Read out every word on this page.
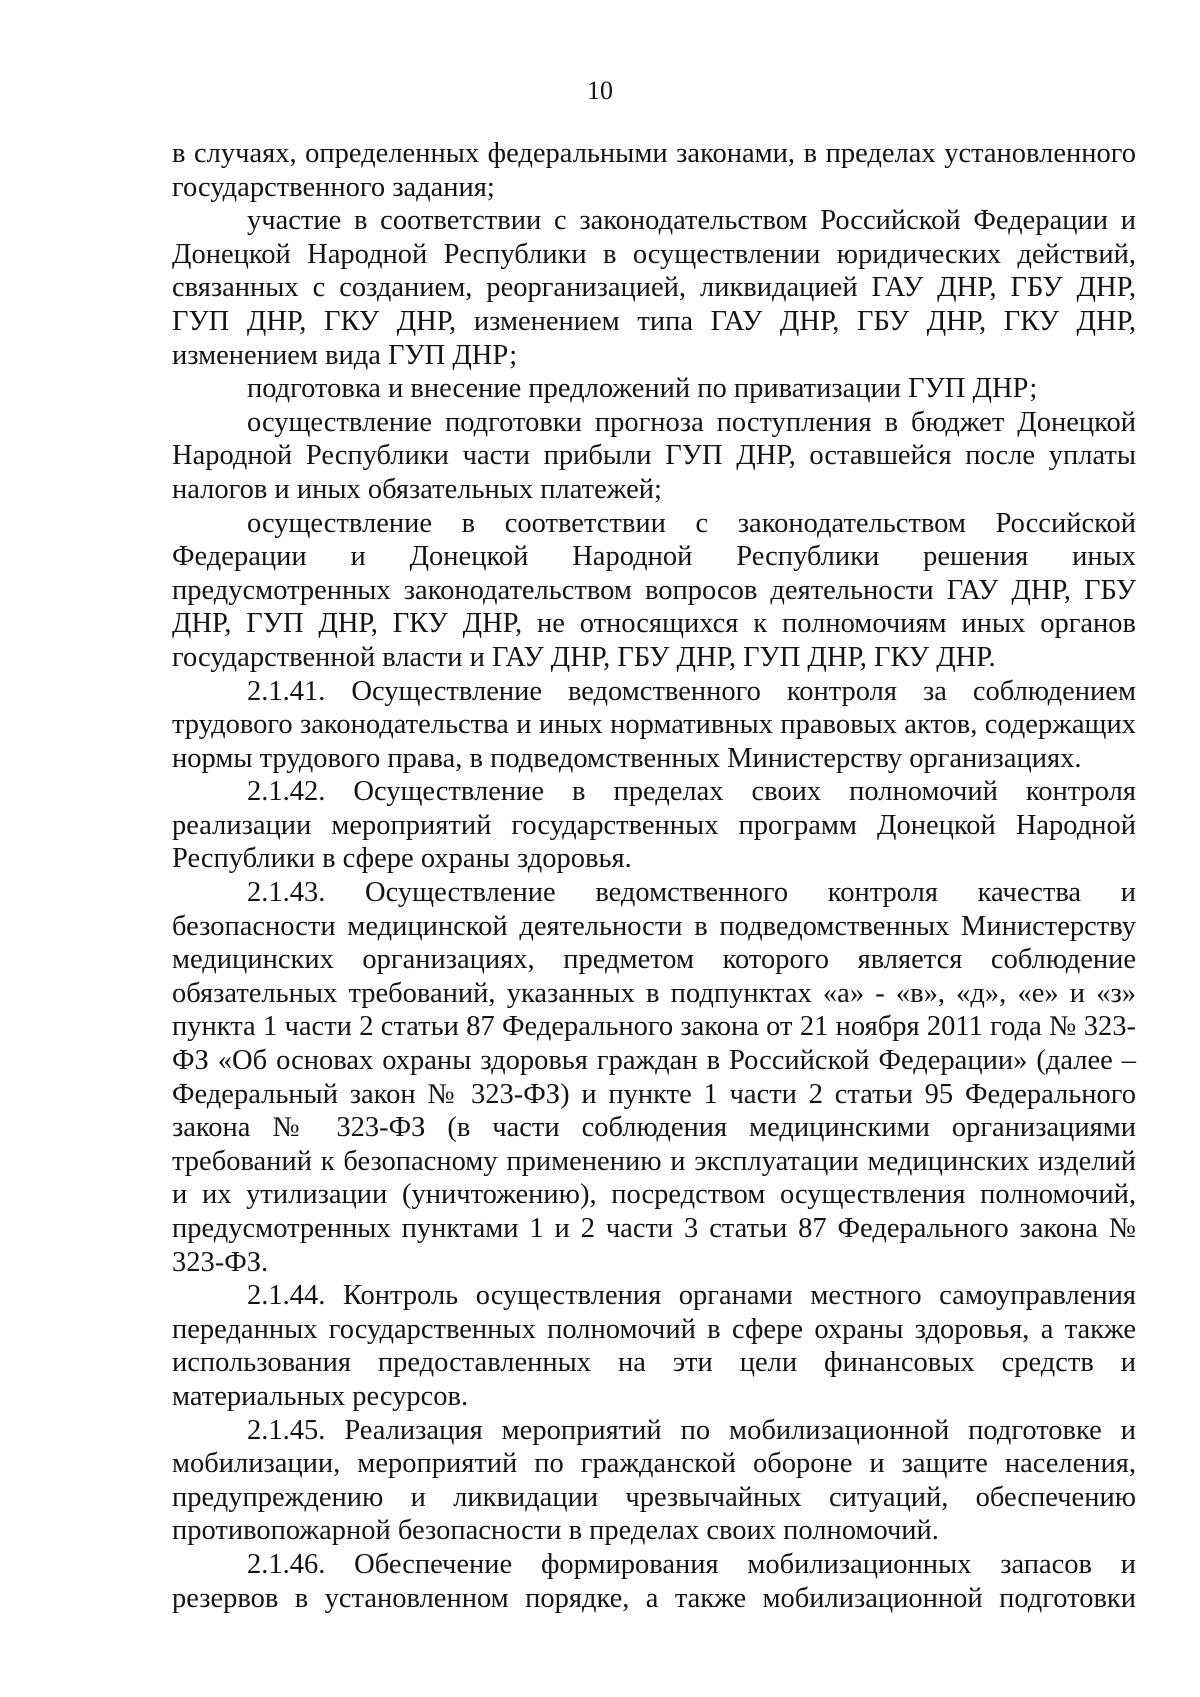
10

в случаях, определенных федеральными законами, в пределах установленного государственного задания;

участие в соответствии с законодательством Российской Федерации и Донецкой Народной Республики в осуществлении юридических действий, связанных с созданием, реорганизацией, ликвидацией ГАУ ДНР, ГБУ ДНР, ГУП ДНР, ГКУ ДНР, изменением типа ГАУ ДНР, ГБУ ДНР, ГКУ ДНР, изменением вида ГУП ДНР;

подготовка и внесение предложений по приватизации ГУП ДНР;

осуществление подготовки прогноза поступления в бюджет Донецкой Народной Республики части прибыли ГУП ДНР, оставшейся после уплаты налогов и иных обязательных платежей;

осуществление в соответствии с законодательством Российской Федерации и Донецкой Народной Республики решения иных предусмотренных законодательством вопросов деятельности ГАУ ДНР, ГБУ ДНР, ГУП ДНР, ГКУ ДНР, не относящихся к полномочиям иных органов государственной власти и ГАУ ДНР, ГБУ ДНР, ГУП ДНР, ГКУ ДНР.

2.1.41. Осуществление ведомственного контроля за соблюдением трудового законодательства и иных нормативных правовых актов, содержащих нормы трудового права, в подведомственных Министерству организациях.

2.1.42. Осуществление в пределах своих полномочий контроля реализации мероприятий государственных программ Донецкой Народной Республики в сфере охраны здоровья.

2.1.43. Осуществление ведомственного контроля качества и безопасности медицинской деятельности в подведомственных Министерству медицинских организациях, предметом которого является соблюдение обязательных требований, указанных в подпунктах «а» - «в», «д», «е» и «з» пункта 1 части 2 статьи 87 Федерального закона от 21 ноября 2011 года № 323-ФЗ «Об основах охраны здоровья граждан в Российской Федерации» (далее – Федеральный закон № 323-ФЗ) и пункте 1 части 2 статьи 95 Федерального закона № 323-ФЗ (в части соблюдения медицинскими организациями требований к безопасному применению и эксплуатации медицинских изделий и их утилизации (уничтожению), посредством осуществления полномочий, предусмотренных пунктами 1 и 2 части 3 статьи 87 Федерального закона № 323-ФЗ.

2.1.44. Контроль осуществления органами местного самоуправления переданных государственных полномочий в сфере охраны здоровья, а также использования предоставленных на эти цели финансовых средств и материальных ресурсов.

2.1.45. Реализация мероприятий по мобилизационной подготовке и мобилизации, мероприятий по гражданской обороне и защите населения, предупреждению и ликвидации чрезвычайных ситуаций, обеспечению противопожарной безопасности в пределах своих полномочий.

2.1.46. Обеспечение формирования мобилизационных запасов и резервов в установленном порядке, а также мобилизационной подготовки
